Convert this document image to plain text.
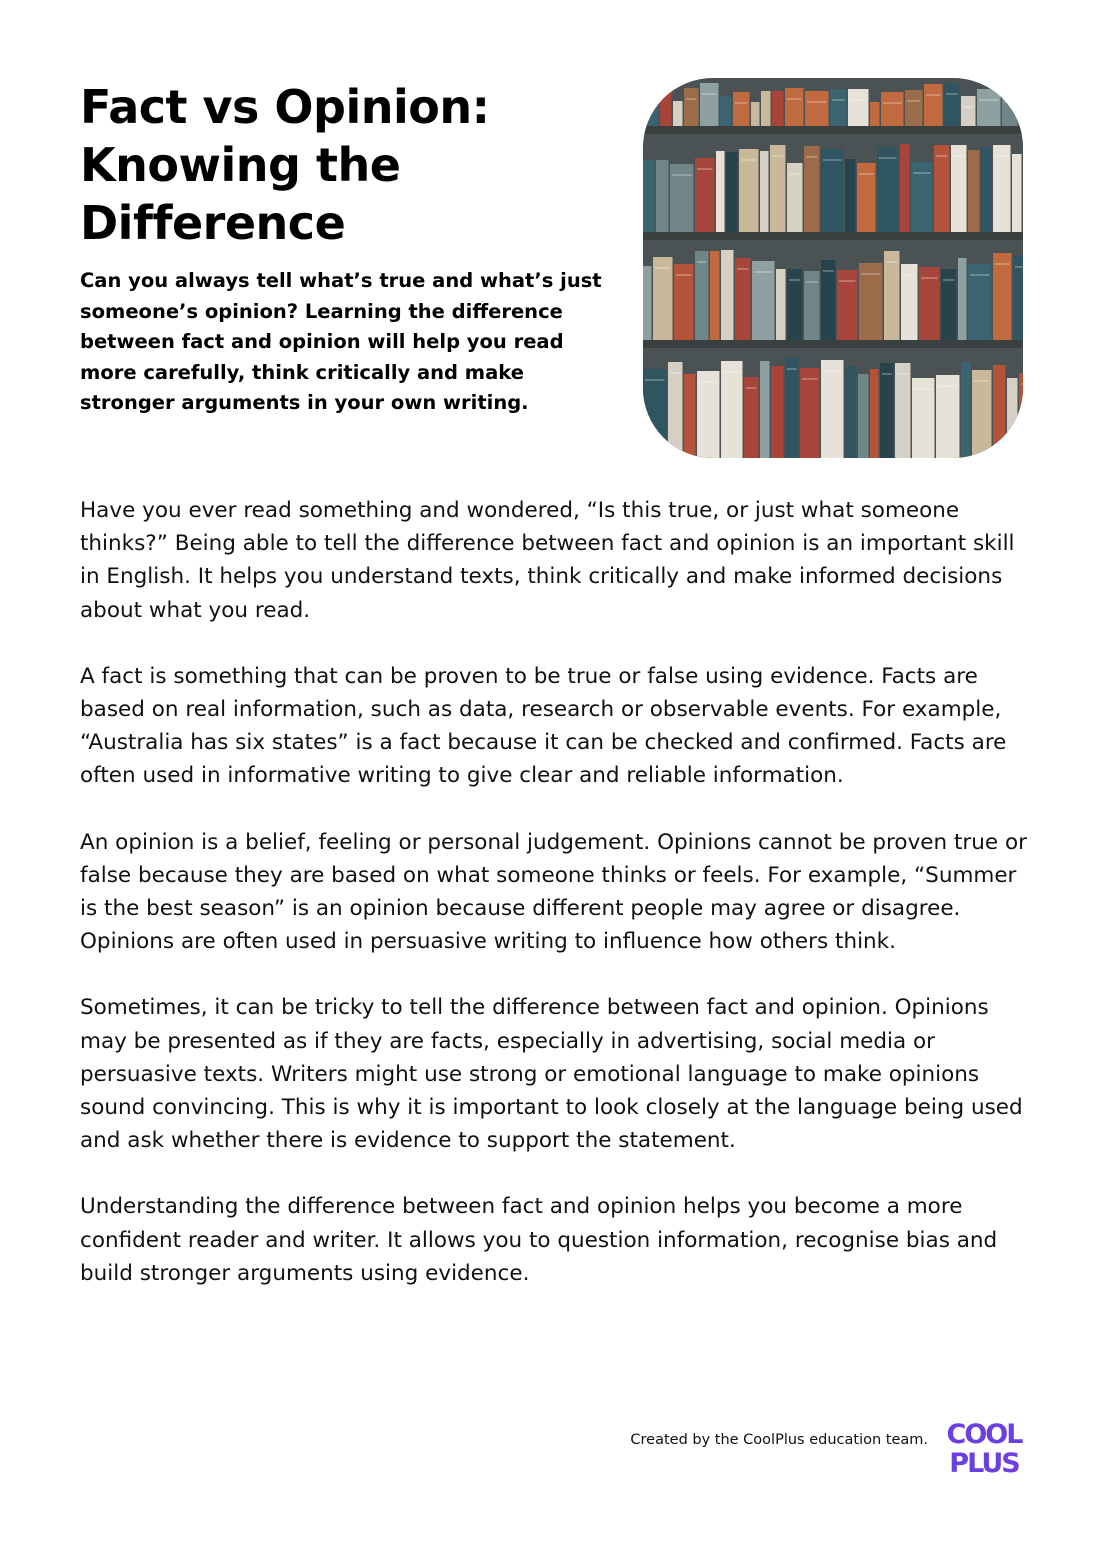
Fact vs Opinion: Knowing the Difference

Can you always tell what’s true and what’s just someone’s opinion? Learning the difference between fact and opinion will help you read more carefully, think critically and make stronger arguments in your own writing.

Have you ever read something and wondered, “Is this true, or just what someone thinks?” Being able to tell the difference between fact and opinion is an important skill in English. It helps you understand texts, think critically and make informed decisions about what you read.

A fact is something that can be proven to be true or false using evidence. Facts are based on real information, such as data, research or observable events. For example, “Australia has six states” is a fact because it can be checked and confirmed. Facts are often used in informative writing to give clear and reliable information.

An opinion is a belief, feeling or personal judgement. Opinions cannot be proven true or false because they are based on what someone thinks or feels. For example, “Summer is the best season” is an opinion because different people may agree or disagree. Opinions are often used in persuasive writing to influence how others think.

Sometimes, it can be tricky to tell the difference between fact and opinion. Opinions may be presented as if they are facts, especially in advertising, social media or persuasive texts. Writers might use strong or emotional language to make opinions sound convincing. This is why it is important to look closely at the language being used and ask whether there is evidence to support the statement.

Understanding the difference between fact and opinion helps you become a more confident reader and writer. It allows you to question information, recognise bias and build stronger arguments using evidence.

Created by the CoolPlus education team. COOL
PLUS
